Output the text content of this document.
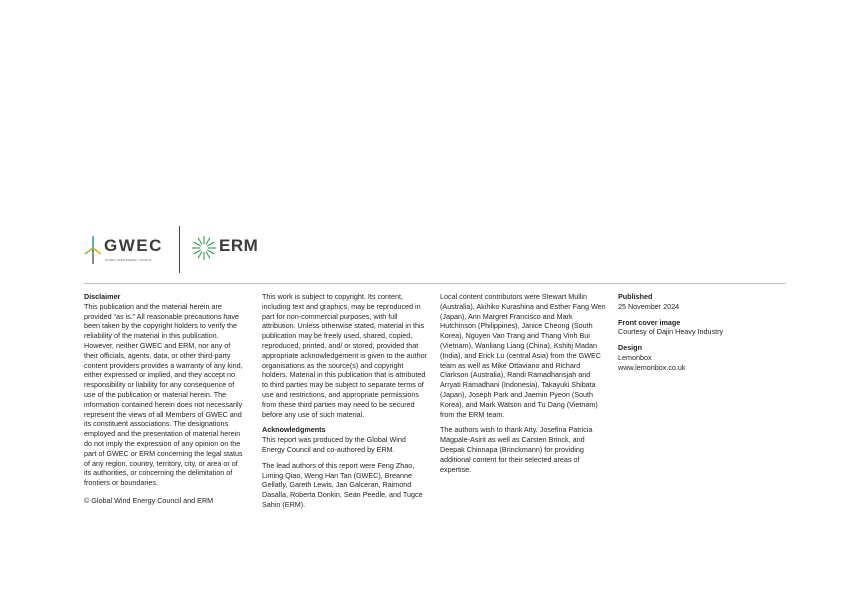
GWEC
GLOBAL WIND ENERGY COUNCIL
ERM

Disclaimer

This publication and the material herein are provided “as is.” All reasonable precautions have been taken by the copyright holders to verify the reliability of the material in this publication. However, neither GWEC and ERM, nor any of their officials, agents, data, or other third-party content providers provides a warranty of any kind, either expressed or implied, and they accept no responsibility or liability for any consequence of use of the publication or material herein. The information contained herein does not necessarily represent the views of all Members of GWEC and its constituent associations. The designations employed and the presentation of material herein do not imply the expression of any opinion on the part of GWEC or ERM concerning the legal status of any region, country, territory, city, or area or of its authorities, or concerning the delimitation of frontiers or boundaries.

© Global Wind Energy Council and ERM

This work is subject to copyright. Its content, including text and graphics, may be reproduced in part for non-commercial purposes, with full attribution. Unless otherwise stated, material in this publication may be freely used, shared, copied, reproduced, printed, and/ or stored, provided that appropriate acknowledgement is given to the author organisations as the source(s) and copyright holders. Material in this publication that is attributed to third parties may be subject to separate terms of use and restrictions, and appropriate permissions from these third parties may need to be secured before any use of such material.

Acknowledgments

This report was produced by the Global Wind Energy Council and co-authored by ERM.

The lead authors of this report were Feng Zhao, Liming Qiao, Weng Han Tan (GWEC), Breanne Gellatly, Gareth Lewis, Jan Galceran, Raimond Dasalla, Roberta Donkin, Sean Peedle, and Tugce Sahin (ERM).

Local content contributors were Stewart Mullin (Australia), Akihiko Kurashina and Esther Fang Wen (Japan), Ann Margret Francisco and Mark Hutchinson (Philippines), Janice Cheong (South Korea), Nguyen Van Trang and Thang Vinh Bui (Vietnam), Wanliang Liang (China), Kshitij Madan (India), and Erick Lu (central Asia) from the GWEC team as well as Mike Ottaviano and Richard Clarkson (Australia), Randi Ramadhansjah and Arryati Ramadhani (Indonesia), Takayuki Shibata (Japan), Joseph Park and Jaemin Pyeon (South Korea), and Mark Watson and Tu Dang (Vietnam) from the ERM team.

The authors wish to thank Atty. Josefina Patricia Magpale-Asirit as well as Carsten Brinck, and Deepak Chinnapa (Brinckmann) for providing additional content for their selected areas of expertise.

Published

25 November 2024

Front cover image

Courtesy of Dajin Heavy Industry

Design

Lemonbox

www.lemonbox.co.uk
